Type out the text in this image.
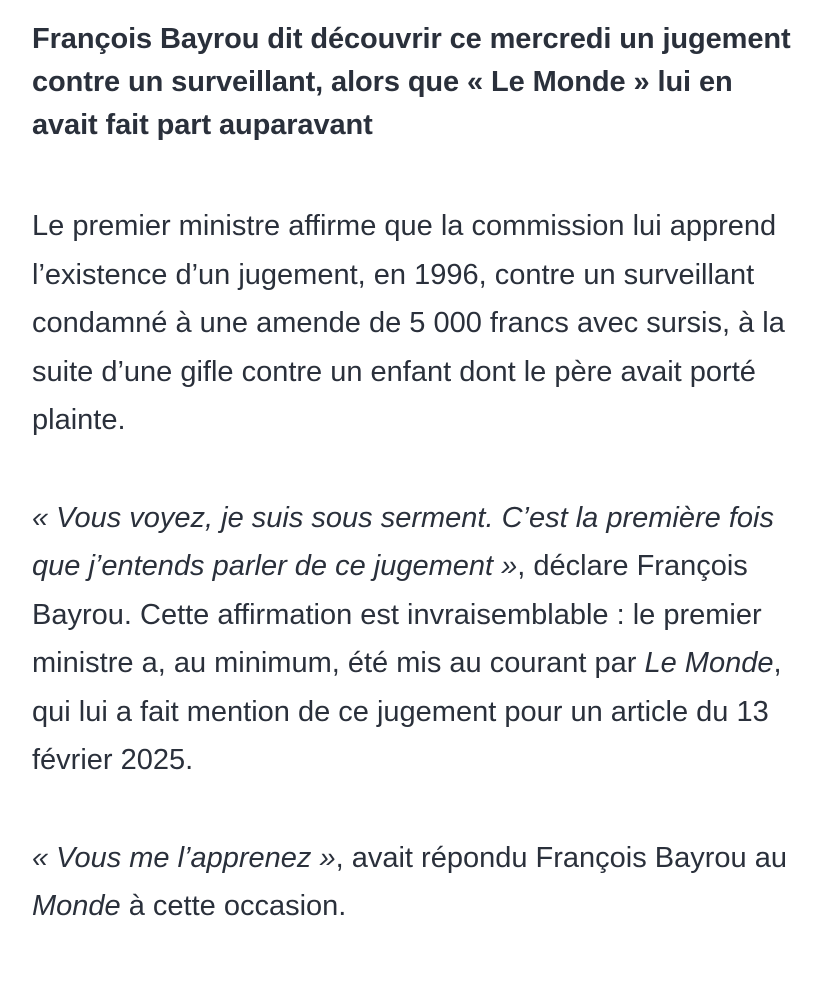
François Bayrou dit découvrir ce mercredi un jugement contre un surveillant, alors que « Le Monde » lui en avait fait part auparavant

Le premier ministre affirme que la commission lui apprend l’existence d’un jugement, en 1996, contre un surveillant condamné à une amende de 5 000 francs avec sursis, à la suite d’une gifle contre un enfant dont le père avait porté plainte.

« Vous voyez, je suis sous serment. C’est la première fois que j’entends parler de ce jugement », déclare François Bayrou. Cette affirmation est invraisemblable : le premier ministre a, au minimum, été mis au courant par Le Monde, qui lui a fait mention de ce jugement pour un article du 13 février 2025.

« Vous me l’apprenez », avait répondu François Bayrou au Monde à cette occasion.
